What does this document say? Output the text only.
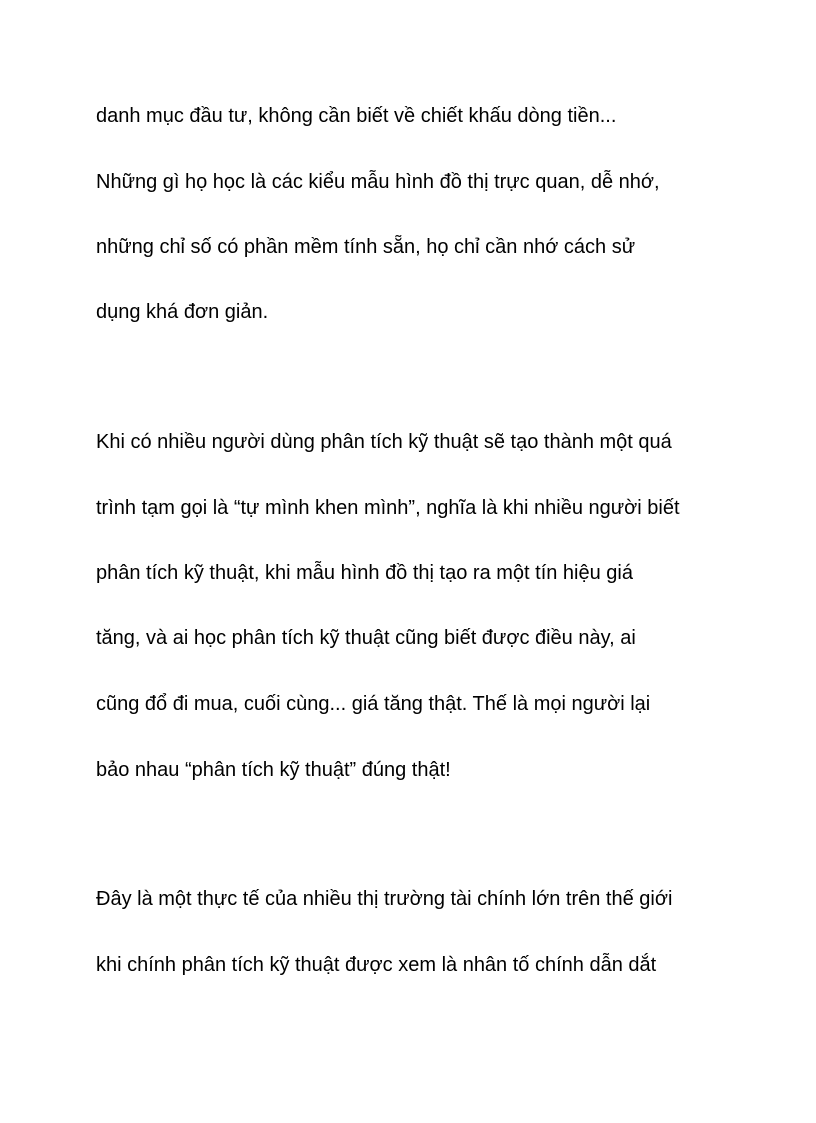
danh mục đầu tư, không cần biết về chiết khấu dòng tiền...

Những gì họ học là các kiểu mẫu hình đồ thị trực quan, dễ nhớ,

những chỉ số có phần mềm tính sẵn, họ chỉ cần nhớ cách sử

dụng khá đơn giản.

Khi có nhiều người dùng phân tích kỹ thuật sẽ tạo thành một quá

trình tạm gọi là “tự mình khen mình”, nghĩa là khi nhiều người biết

phân tích kỹ thuật, khi mẫu hình đồ thị tạo ra một tín hiệu giá

tăng, và ai học phân tích kỹ thuật cũng biết được điều này, ai

cũng đổ đi mua, cuối cùng... giá tăng thật. Thế là mọi người lại

bảo nhau “phân tích kỹ thuật” đúng thật!

Đây là một thực tế của nhiều thị trường tài chính lớn trên thế giới

khi chính phân tích kỹ thuật được xem là nhân tố chính dẫn dắt
